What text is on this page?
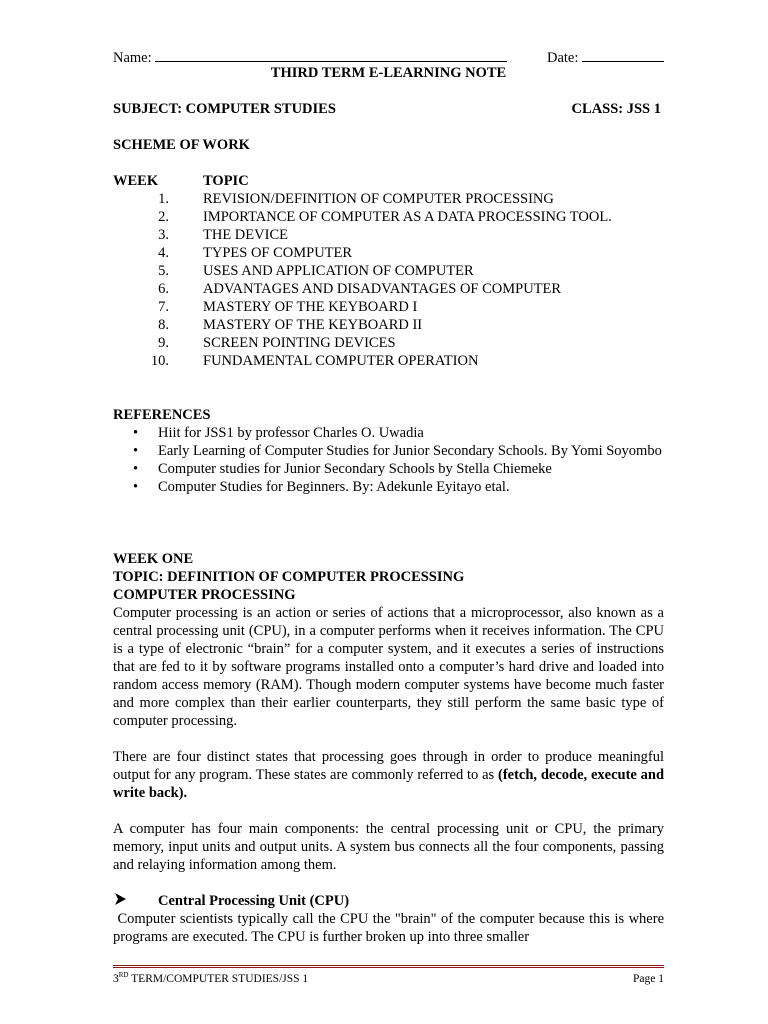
Name:	Date:
THIRD TERM E-LEARNING NOTE
SUBJECT: COMPUTER STUDIES	CLASS: JSS 1
SCHEME OF WORK
WEEK	TOPIC
1.	REVISION/DEFINITION OF COMPUTER PROCESSING
2.	IMPORTANCE OF COMPUTER AS A DATA PROCESSING TOOL.
3.	THE DEVICE
4.	TYPES OF COMPUTER
5.	USES AND APPLICATION OF COMPUTER
6.	ADVANTAGES AND DISADVANTAGES OF COMPUTER
7.	MASTERY OF THE KEYBOARD I
8.	MASTERY OF THE KEYBOARD II
9.	SCREEN POINTING DEVICES
10.	FUNDAMENTAL COMPUTER OPERATION
REFERENCES
•	Hiit for JSS1 by professor Charles O. Uwadia
•	Early Learning of Computer Studies for Junior Secondary Schools. By Yomi Soyombo
•	Computer studies for Junior Secondary Schools by Stella Chiemeke
•	Computer Studies for Beginners. By: Adekunle Eyitayo etal.
WEEK ONE
TOPIC: DEFINITION OF COMPUTER PROCESSING
COMPUTER PROCESSING

Computer processing is an action or series of actions that a microprocessor, also known as a central processing unit (CPU), in a computer performs when it receives information. The CPU is a type of electronic “brain” for a computer system, and it executes a series of instructions that are fed to it by software programs installed onto a computer’s hard drive and loaded into random access memory (RAM). Though modern computer systems have become much faster and more complex than their earlier counterparts, they still perform the same basic type of computer processing.

There are four distinct states that processing goes through in order to produce meaningful output for any program. These states are commonly referred to as (fetch, decode, execute and write back).

A computer has four main components: the central processing unit or CPU, the primary memory, input units and output units. A system bus connects all the four components, passing and relaying information among them.

Central Processing Unit (CPU)

Computer scientists typically call the CPU the "brain" of the computer because this is where programs are executed. The CPU is further broken up into three smaller

3RD TERM/COMPUTER STUDIES/JSS 1	Page 1
